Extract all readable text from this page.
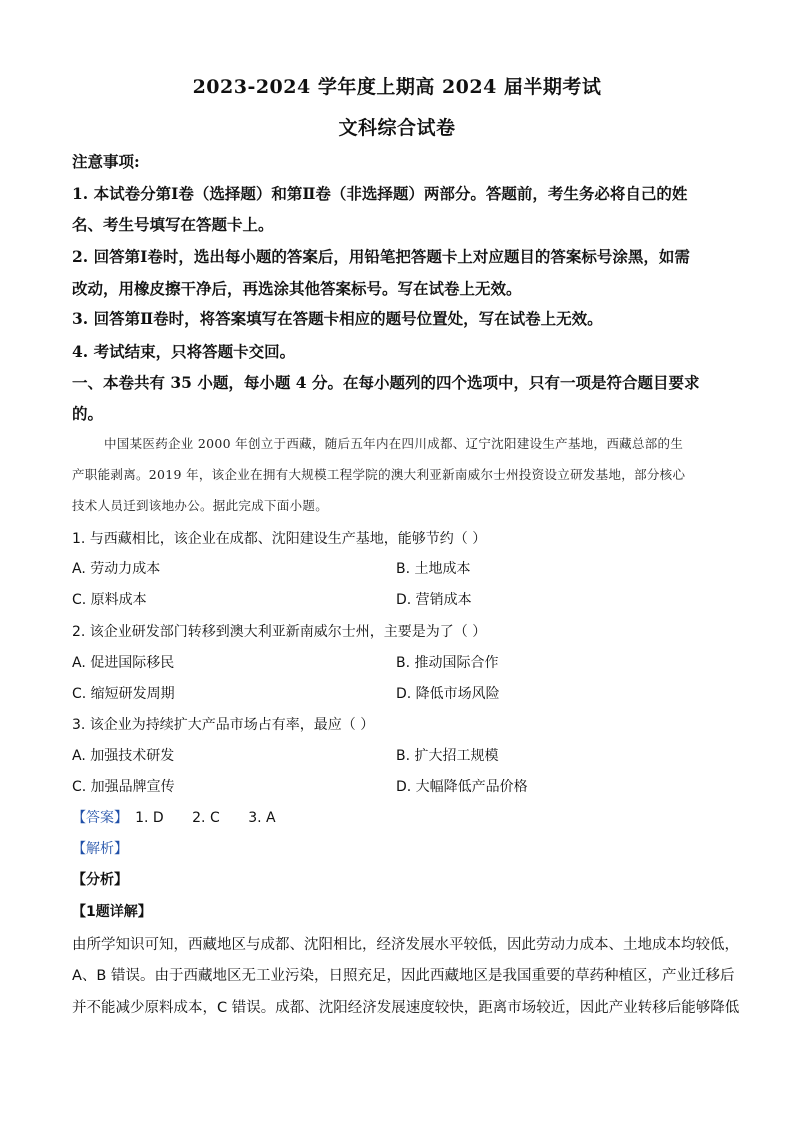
2023-2024 学年度上期高 2024 届半期考试
文科综合试卷
注意事项:
1. 本试卷分第Ⅰ卷（选择题）和第Ⅱ卷（非选择题）两部分。答题前，考生务必将自己的姓
名、考生号填写在答题卡上。
2. 回答第Ⅰ卷时，选出每小题的答案后，用铅笔把答题卡上对应题目的答案标号涂黑，如需
改动，用橡皮擦干净后，再选涂其他答案标号。写在试卷上无效。
3. 回答第Ⅱ卷时，将答案填写在答题卡相应的题号位置处，写在试卷上无效。
4. 考试结束，只将答题卡交回。
一、本卷共有 35 小题，每小题 4 分。在每小题列的四个选项中，只有一项是符合题目要求
的。
中国某医药企业 2000 年创立于西藏，随后五年内在四川成都、辽宁沈阳建设生产基地，西藏总部的生
产职能剥离。2019 年，该企业在拥有大规模工程学院的澳大利亚新南威尔士州投资设立研发基地，部分核心
技术人员迁到该地办公。据此完成下面小题。
1. 与西藏相比，该企业在成都、沈阳建设生产基地，能够节约（ ）
A. 劳动力成本	B. 土地成本
C. 原料成本	D. 营销成本
2. 该企业研发部门转移到澳大利亚新南威尔士州，主要是为了（ ）
A. 促进国际移民	B. 推动国际合作
C. 缩短研发周期	D. 降低市场风险
3. 该企业为持续扩大产品市场占有率，最应（ ）
A. 加强技术研发	B. 扩大招工规模
C. 加强品牌宣传	D. 大幅降低产品价格
【答案】 1. D 2. C 3. A
【解析】
【分析】
【1题详解】
由所学知识可知，西藏地区与成都、沈阳相比，经济发展水平较低，因此劳动力成本、土地成本均较低，
A、B 错误。由于西藏地区无工业污染，日照充足，因此西藏地区是我国重要的草药种植区，产业迁移后
并不能减少原料成本，C 错误。成都、沈阳经济发展速度较快，距离市场较近，因此产业转移后能够降低
